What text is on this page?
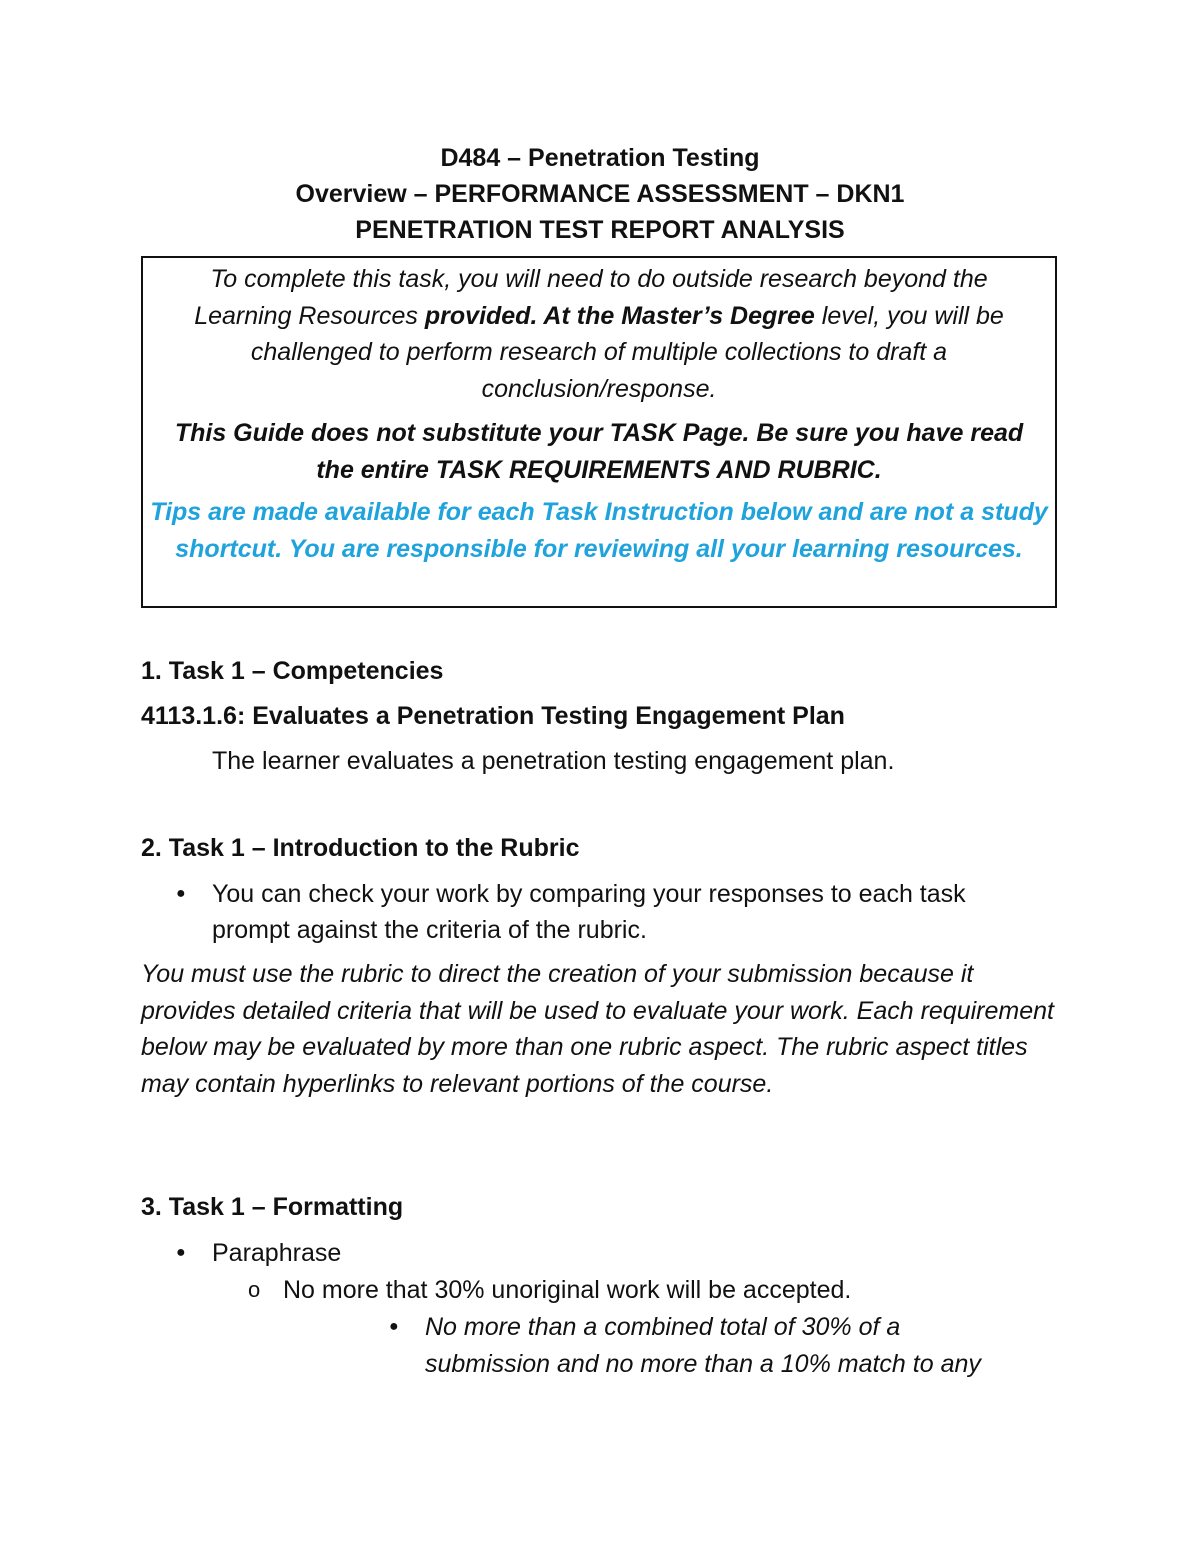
D484 – Penetration Testing
Overview – PERFORMANCE ASSESSMENT – DKN1
PENETRATION TEST REPORT ANALYSIS

To complete this task, you will need to do outside research beyond the Learning Resources provided. At the Master’s Degree level, you will be challenged to perform research of multiple collections to draft a conclusion/response.

This Guide does not substitute your TASK Page. Be sure you have read the entire TASK REQUIREMENTS AND RUBRIC.

Tips are made available for each Task Instruction below and are not a study shortcut. You are responsible for reviewing all your learning resources.

1. Task 1 – Competencies

4113.1.6: Evaluates a Penetration Testing Engagement Plan

The learner evaluates a penetration testing engagement plan.

2. Task 1 – Introduction to the Rubric

● You can check your work by comparing your responses to each task

prompt against the criteria of the rubric.

You must use the rubric to direct the creation of your submission because it provides detailed criteria that will be used to evaluate your work. Each requirement below may be evaluated by more than one rubric aspect. The rubric aspect titles may contain hyperlinks to relevant portions of the course.

3. Task 1 – Formatting

● Paraphrase

o No more that 30% unoriginal work will be accepted.

● No more than a combined total of 30% of a

submission and no more than a 10% match to any
